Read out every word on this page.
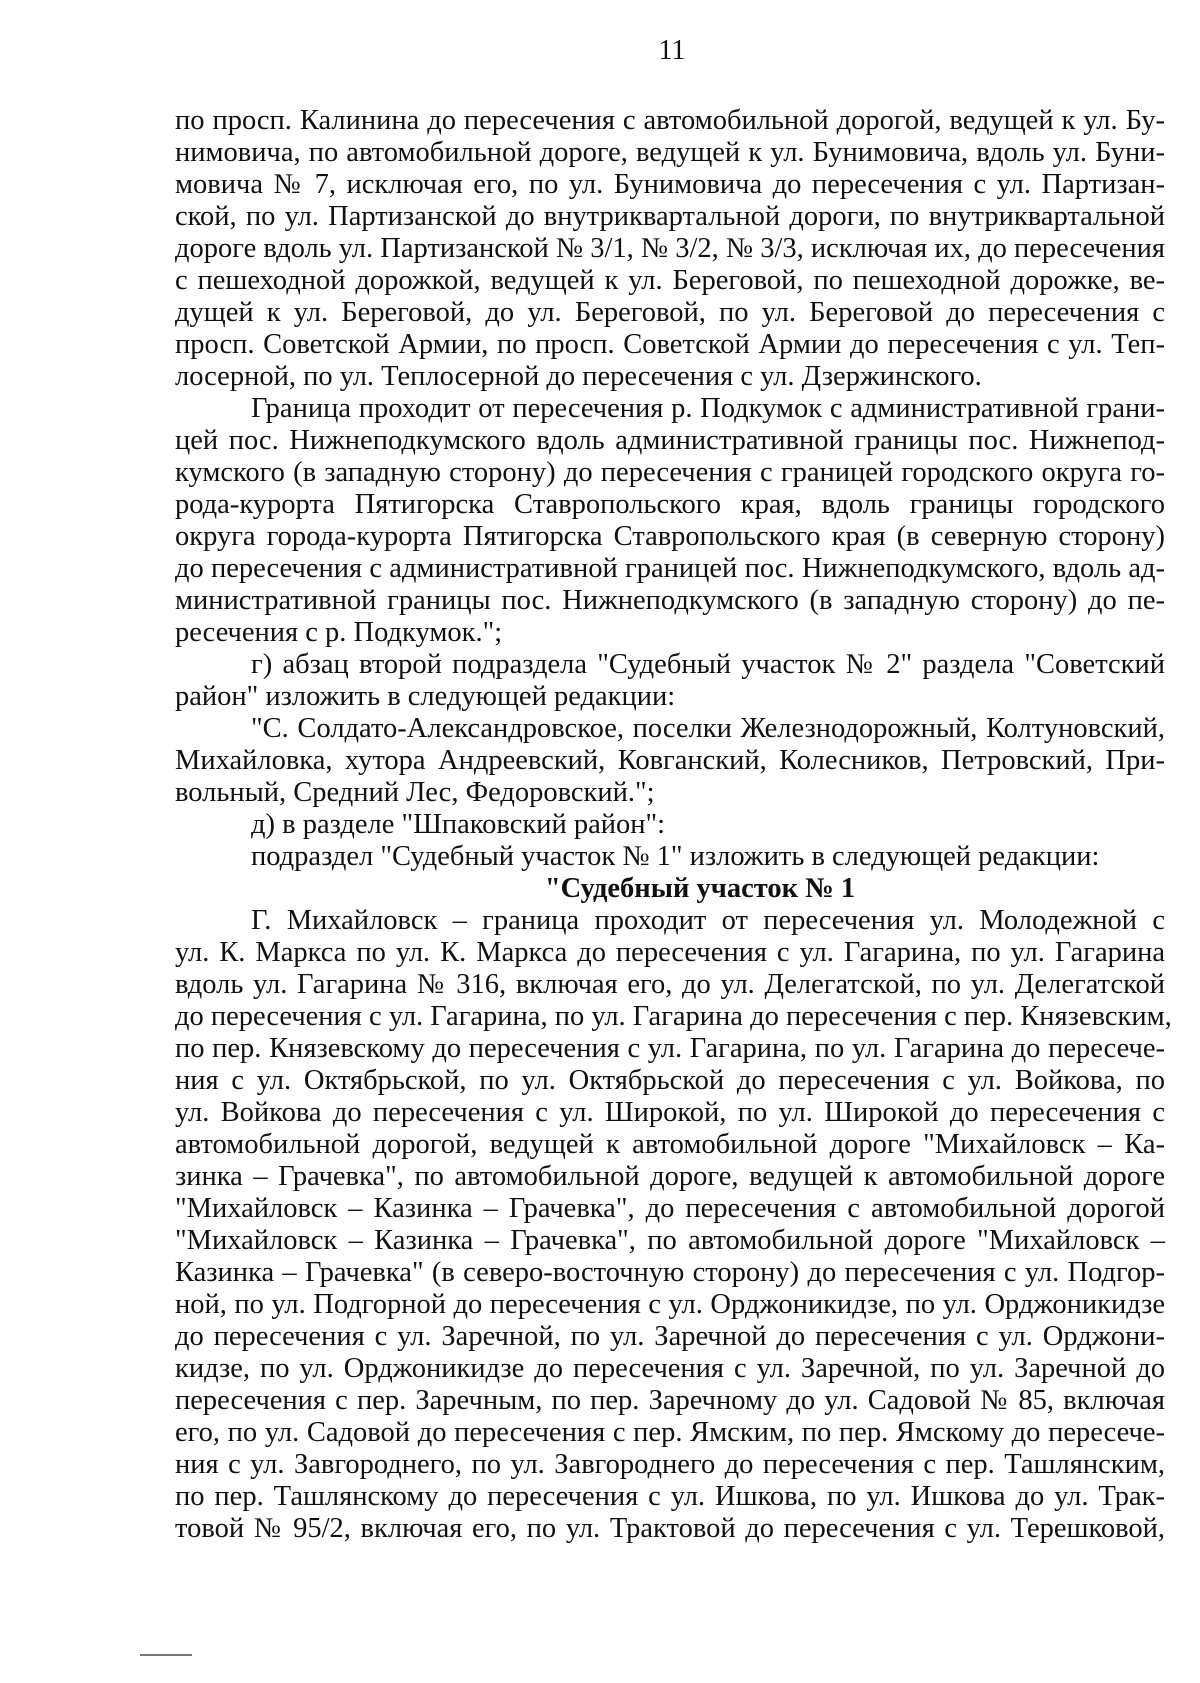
11
по просп. Калинина до пересечения с автомобильной дорогой, ведущей к ул. Бу-
нимовича, по автомобильной дороге, ведущей к ул. Бунимовича, вдоль ул. Буни-
мовича № 7, исключая его, по ул. Бунимовича до пересечения с ул. Партизан-
ской, по ул. Партизанской до внутриквартальной дороги, по внутриквартальной
дороге вдоль ул. Партизанской № 3/1, № 3/2, № 3/3, исключая их, до пересечения
с пешеходной дорожкой, ведущей к ул. Береговой, по пешеходной дорожке, ве-
дущей к ул. Береговой, до ул. Береговой, по ул. Береговой до пересечения с
просп. Советской Армии, по просп. Советской Армии до пересечения с ул. Теп-
лосерной, по ул. Теплосерной до пересечения с ул. Дзержинского.
Граница проходит от пересечения р. Подкумок с административной грани-
цей пос. Нижнеподкумского вдоль административной границы пос. Нижнепод-
кумского (в западную сторону) до пересечения с границей городского округа го-
рода-курорта Пятигорска Ставропольского края, вдоль границы городского
округа города-курорта Пятигорска Ставропольского края (в северную сторону)
до пересечения с административной границей пос. Нижнеподкумского, вдоль ад-
министративной границы пос. Нижнеподкумского (в западную сторону) до пе-
ресечения с р. Подкумок.";
г) абзац второй подраздела "Судебный участок № 2" раздела "Советский
район" изложить в следующей редакции:
"С. Солдато-Александровское, поселки Железнодорожный, Колтуновский,
Михайловка, хутора Андреевский, Ковганский, Колесников, Петровский, При-
вольный, Средний Лес, Федоровский.";
д) в разделе "Шпаковский район":
подраздел "Судебный участок № 1" изложить в следующей редакции:
"Судебный участок № 1
Г. Михайловск – граница проходит от пересечения ул. Молодежной с
ул. К. Маркса по ул. К. Маркса до пересечения с ул. Гагарина, по ул. Гагарина
вдоль ул. Гагарина № 316, включая его, до ул. Делегатской, по ул. Делегатской
до пересечения с ул. Гагарина, по ул. Гагарина до пересечения с пер. Князевским,
по пер. Князевскому до пересечения с ул. Гагарина, по ул. Гагарина до пересече-
ния с ул. Октябрьской, по ул. Октябрьской до пересечения с ул. Войкова, по
ул. Войкова до пересечения с ул. Широкой, по ул. Широкой до пересечения с
автомобильной дорогой, ведущей к автомобильной дороге "Михайловск – Ка-
зинка – Грачевка", по автомобильной дороге, ведущей к автомобильной дороге
"Михайловск – Казинка – Грачевка", до пересечения с автомобильной дорогой
"Михайловск – Казинка – Грачевка", по автомобильной дороге "Михайловск –
Казинка – Грачевка" (в северо-восточную сторону) до пересечения с ул. Подгор-
ной, по ул. Подгорной до пересечения с ул. Орджоникидзе, по ул. Орджоникидзе
до пересечения с ул. Заречной, по ул. Заречной до пересечения с ул. Орджони-
кидзе, по ул. Орджоникидзе до пересечения с ул. Заречной, по ул. Заречной до
пересечения с пер. Заречным, по пер. Заречному до ул. Садовой № 85, включая
его, по ул. Садовой до пересечения с пер. Ямским, по пер. Ямскому до пересече-
ния с ул. Завгороднего, по ул. Завгороднего до пересечения с пер. Ташлянским,
по пер. Ташлянскому до пересечения с ул. Ишкова, по ул. Ишкова до ул. Трак-
товой № 95/2, включая его, по ул. Трактовой до пересечения с ул. Терешковой,
